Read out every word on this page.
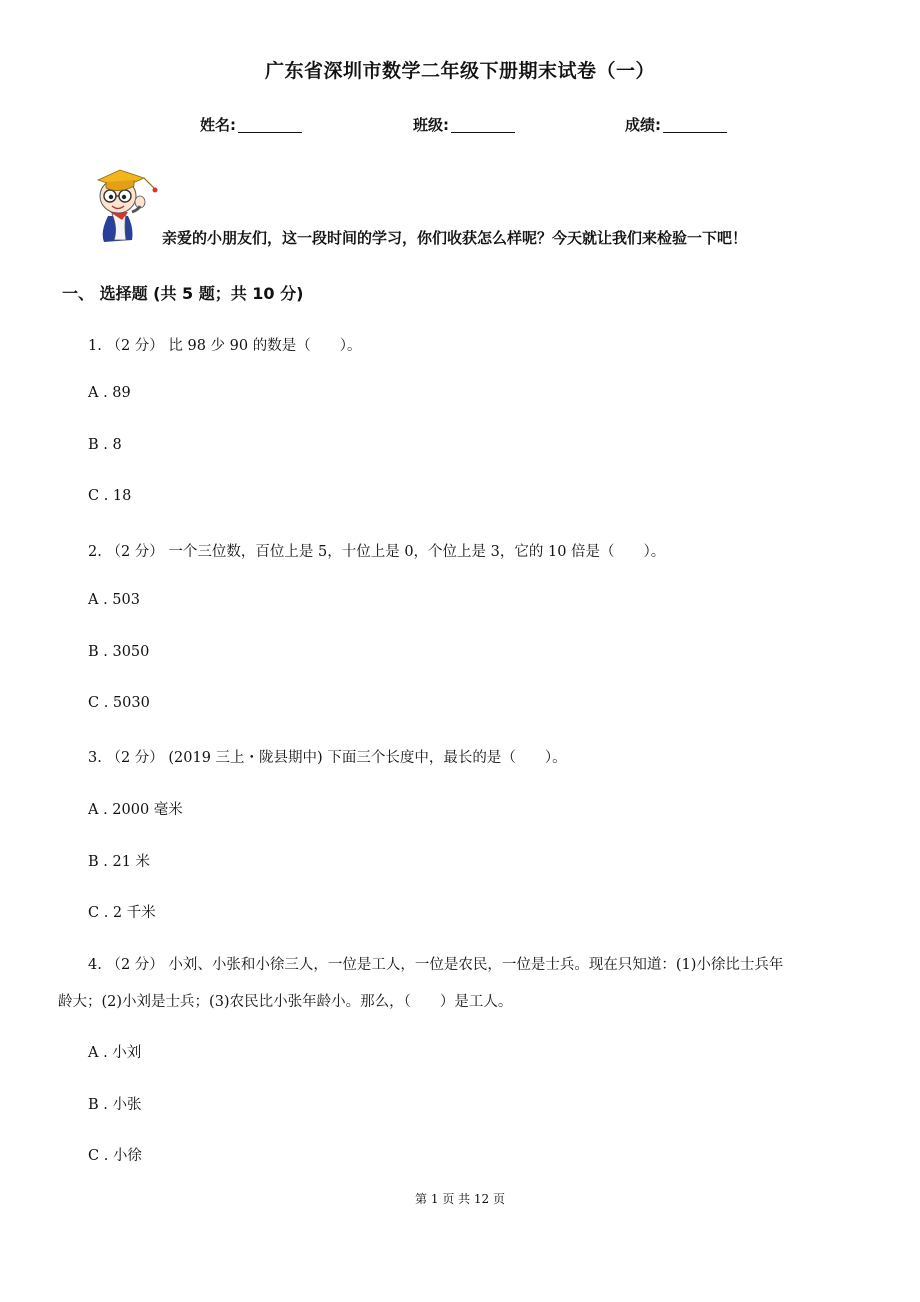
广东省深圳市数学二年级下册期末试卷（一）
姓名:	班级:	成绩:
亲爱的小朋友们，这一段时间的学习，你们收获怎么样呢？今天就让我们来检验一下吧！
一、 选择题 (共 5 题；共 10 分)
1. （2 分） 比 98 少 90 的数是（　　）。
A . 89
B . 8
C . 18
2. （2 分） 一个三位数，百位上是 5，十位上是 0，个位上是 3，它的 10 倍是（　　）。
A . 503
B . 3050
C . 5030
3. （2 分） (2019 三上・陇县期中) 下面三个长度中，最长的是（　　）。
A . 2000 毫米
B . 21 米
C . 2 千米
4. （2 分） 小刘、小张和小徐三人，一位是工人，一位是农民，一位是士兵。现在只知道：(1)小徐比士兵年
龄大；(2)小刘是士兵；(3)农民比小张年龄小。那么，（　　）是工人。
A . 小刘
B . 小张
C . 小徐
第 1 页 共 12 页
